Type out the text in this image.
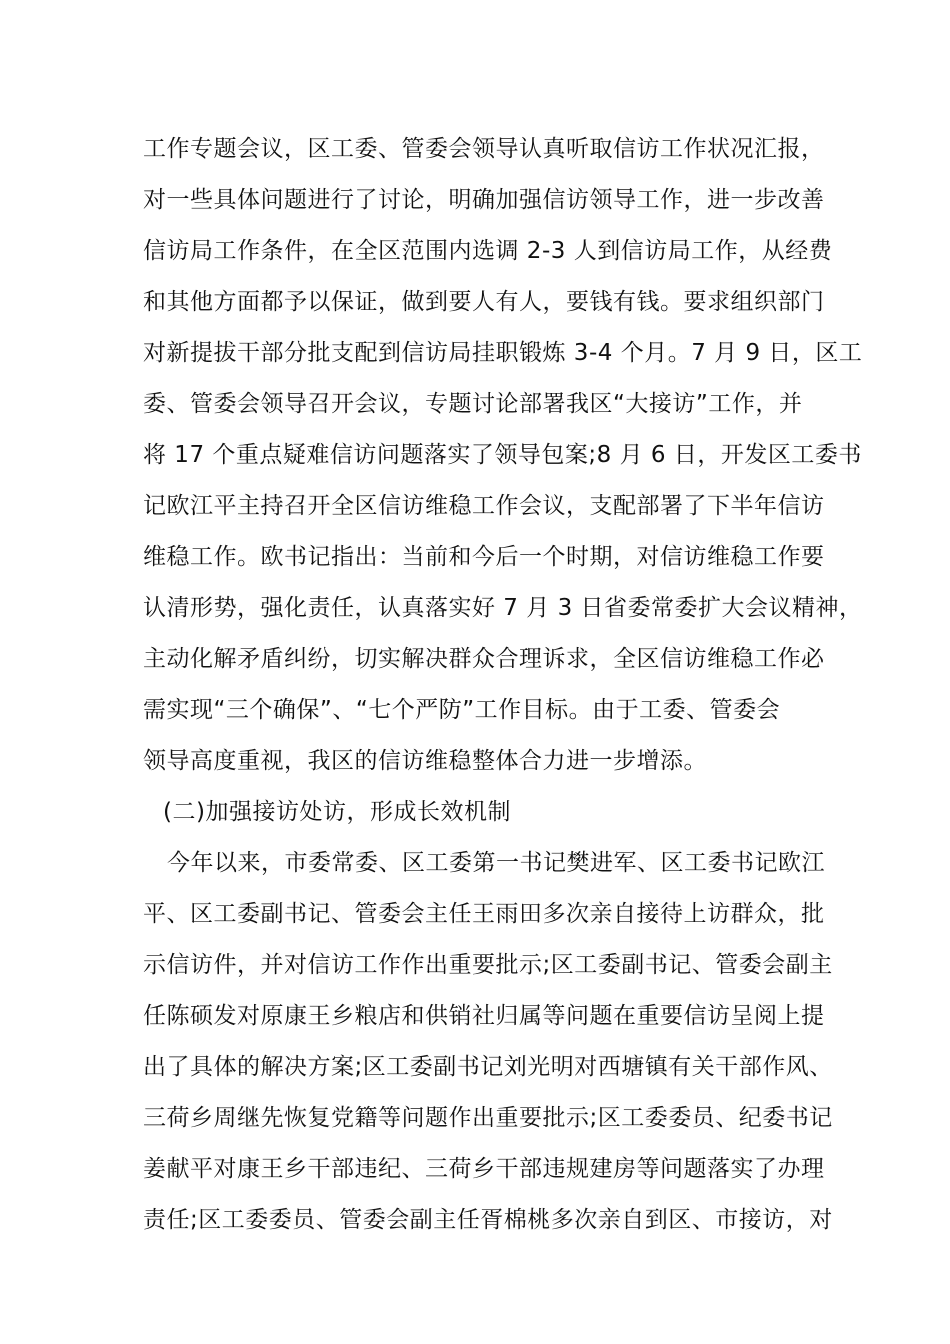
工作专题会议，区工委、管委会领导认真听取信访工作状况汇报，
对一些具体问题进行了讨论，明确加强信访领导工作，进一步改善
信访局工作条件，在全区范围内选调 2-3 人到信访局工作，从经费
和其他方面都予以保证，做到要人有人，要钱有钱。要求组织部门
对新提拔干部分批支配到信访局挂职锻炼 3-4 个月。7 月 9 日，区工
委、管委会领导召开会议，专题讨论部署我区“大接访”工作，并
将 17 个重点疑难信访问题落实了领导包案;8 月 6 日，开发区工委书
记欧江平主持召开全区信访维稳工作会议，支配部署了下半年信访
维稳工作。欧书记指出：当前和今后一个时期，对信访维稳工作要
认清形势，强化责任，认真落实好 7 月 3 日省委常委扩大会议精神，
主动化解矛盾纠纷，切实解决群众合理诉求，全区信访维稳工作必
需实现“三个确保”、“七个严防”工作目标。由于工委、管委会
领导高度重视，我区的信访维稳整体合力进一步增添。
(二)加强接访处访，形成长效机制
今年以来，市委常委、区工委第一书记樊进军、区工委书记欧江
平、区工委副书记、管委会主任王雨田多次亲自接待上访群众，批
示信访件，并对信访工作作出重要批示;区工委副书记、管委会副主
任陈硕发对原康王乡粮店和供销社归属等问题在重要信访呈阅上提
出了具体的解决方案;区工委副书记刘光明对西塘镇有关干部作风、
三荷乡周继先恢复党籍等问题作出重要批示;区工委委员、纪委书记
姜献平对康王乡干部违纪、三荷乡干部违规建房等问题落实了办理
责任;区工委委员、管委会副主任胥棉桃多次亲自到区、市接访，对
